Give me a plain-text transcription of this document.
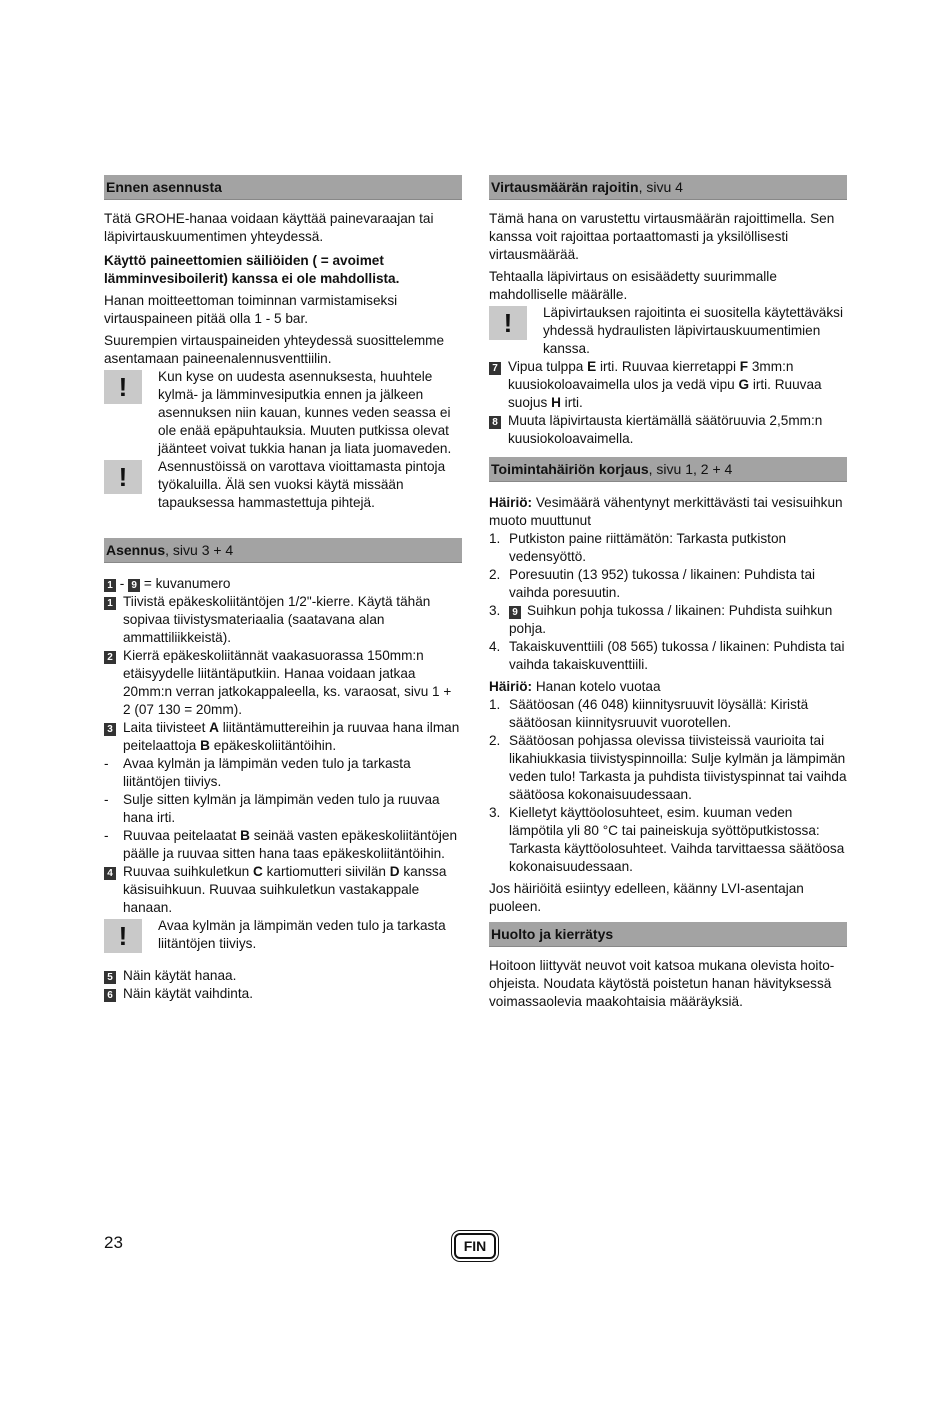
Ennen asennusta

Tätä GROHE-hanaa voidaan käyttää painevaraajan tai läpivirtauskuumentimen yhteydessä.

Käyttö paineettomien säiliöiden ( = avoimet lämminvesiboilerit) kanssa ei ole mahdollista.

Hanan moitteettoman toiminnan varmistamiseksi virtauspaineen pitää olla 1 - 5 bar.

Suurempien virtauspaineiden yhteydessä suosittelemme asentamaan paineenalennusventtiilin.

!	Kun kyse on uudesta asennuksesta, huuhtele kylmä- ja lämminvesiputkia ennen ja jälkeen asennuksen niin kauan, kunnes veden seassa ei ole enää epäpuhtauksia. Muuten putkissa olevat jäänteet voivat tukkia hanan ja liata juomaveden.

!	Asennustöissä on varottava vioittamasta pintoja työkaluilla. Älä sen vuoksi käytä missään tapauksessa hammastettuja pihtejä.

Asennus, sivu 3 + 4

1 - 9 = kuvanumero

1 Tiivistä epäkeskoliitäntöjen 1/2"-kierre. Käytä tähän sopivaa tiivistysmateriaalia (saatavana alan ammattiliikkeistä).
2 Kierrä epäkeskoliitännät vaakasuorassa 150mm:n etäisyydelle liitäntäputkiin. Hanaa voidaan jatkaa 20mm:n verran jatkokappaleella, ks. varaosat, sivu 1 + 2 (07 130 = 20mm).
3 Laita tiivisteet A liitäntämuttereihin ja ruuvaa hana ilman peitelaattoja B epäkeskoliitäntöihin.
- Avaa kylmän ja lämpimän veden tulo ja tarkasta liitäntöjen tiiviys.
- Sulje sitten kylmän ja lämpimän veden tulo ja ruuvaa hana irti.
- Ruuvaa peitelaatat B seinää vasten epäkeskoliitäntöjen päälle ja ruuvaa sitten hana taas epäkeskoliitäntöihin.
4 Ruuvaa suihkuletkun C kartiomutteri siivilän D kanssa käsisuihkuun. Ruuvaa suihkuletkun vastakappale hanaan.
!	Avaa kylmän ja lämpimän veden tulo ja tarkasta liitäntöjen tiiviys.

5 Näin käytät hanaa.
6 Näin käytät vaihdinta.
Virtausmäärän rajoitin, sivu 4

Tämä hana on varustettu virtausmäärän rajoittimella. Sen kanssa voit rajoittaa portaattomasti ja yksilöllisesti virtausmäärää.

Tehtaalla läpivirtaus on esisäädetty suurimmalle mahdolliselle määrälle.

!	Läpivirtauksen rajoitinta ei suositella käytettäväksi yhdessä hydraulisten läpivirtauskuumentimien kanssa.

7 Vipua tulppa E irti. Ruuvaa kierretappi F 3mm:n kuusiokoloavaimella ulos ja vedä vipu G irti. Ruuvaa suojus H irti.
8 Muuta läpivirtausta kiertämällä säätöruuvia 2,5mm:n kuusiokoloavaimella.
Toimintahäiriön korjaus, sivu 1, 2 + 4

Häiriö: Vesimäärä vähentynyt merkittävästi tai vesisuihkun muoto muuttunut

1. Putkiston paine riittämätön: Tarkasta putkiston vedensyöttö.
2. Poresuutin (13 952) tukossa / likainen: Puhdista tai vaihda poresuutin.
3. 9 Suihkun pohja tukossa / likainen: Puhdista suihkun pohja.
4. Takaiskuventtiili (08 565) tukossa / likainen: Puhdista tai vaihda takaiskuventtiili.

Häiriö: Hanan kotelo vuotaa

1. Säätöosan (46 048) kiinnitysruuvit löysällä: Kiristä säätöosan kiinnitysruuvit vuorotellen.
2. Säätöosan pohjassa olevissa tiivisteissä vaurioita tai likahiukkasia tiivistyspinnoilla: Sulje kylmän ja lämpimän veden tulo! Tarkasta ja puhdista tiivistyspinnat tai vaihda säätöosa kokonaisuudessaan.
3. Kielletyt käyttöolosuhteet, esim. kuuman veden lämpötila yli 80 °C tai paineiskuja syöttöputkistossa: Tarkasta käyttöolosuhteet. Vaihda tarvittaessa säätöosa kokonaisuudessaan.

Jos häiriöitä esiintyy edelleen, käänny LVI-asentajan puoleen.

Huolto ja kierrätys

Hoitoon liittyvät neuvot voit katsoa mukana olevista hoito-ohjeista. Noudata käytöstä poistetun hanan hävityksessä voimassaolevia maakohtaisia määräyksiä.

23	FIN
